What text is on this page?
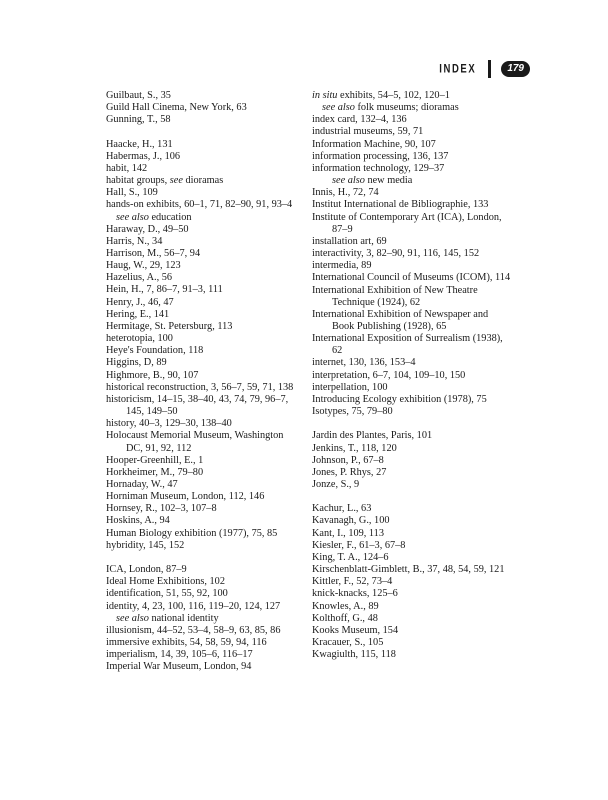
INDEX	179

Guilbaut, S., 35

Guild Hall Cinema, New York, 63

Gunning, T., 58

Haacke, H., 131

Habermas, J., 106

habit, 142

habitat groups, see dioramas

Hall, S., 109

hands-on exhibits, 60–1, 71, 82–90, 91, 93–4

see also education

Haraway, D., 49–50

Harris, N., 34

Harrison, M., 56–7, 94

Haug, W., 29, 123

Hazelius, A., 56

Hein, H., 7, 86–7, 91–3, 111

Henry, J., 46, 47

Hering, E., 141

Hermitage, St. Petersburg, 113

heterotopia, 100

Heye's Foundation, 118

Higgins, D, 89

Highmore, B., 90, 107

historical reconstruction, 3, 56–7, 59, 71, 138

historicism, 14–15, 38–40, 43, 74, 79, 96–7, 145, 149–50

history, 40–3, 129–30, 138–40

Holocaust Memorial Museum, Washington DC, 91, 92, 112

Hooper-Greenhill, E., 1

Horkheimer, M., 79–80

Hornaday, W., 47

Horniman Museum, London, 112, 146

Hornsey, R., 102–3, 107–8

Hoskins, A., 94

Human Biology exhibition (1977), 75, 85

hybridity, 145, 152

ICA, London, 87–9

Ideal Home Exhibitions, 102

identification, 51, 55, 92, 100

identity, 4, 23, 100, 116, 119–20, 124, 127

see also national identity

illusionism, 44–52, 53–4, 58–9, 63, 85, 86

immersive exhibits, 54, 58, 59, 94, 116

imperialism, 14, 39, 105–6, 116–17

Imperial War Museum, London, 94

in situ exhibits, 54–5, 102, 120–1

see also folk museums; dioramas

index card, 132–4, 136

industrial museums, 59, 71

Information Machine, 90, 107

information processing, 136, 137

information technology, 129–37

see also new media

Innis, H., 72, 74

Institut International de Bibliographie, 133

Institute of Contemporary Art (ICA), London, 87–9

installation art, 69

interactivity, 3, 82–90, 91, 116, 145, 152

intermedia, 89

International Council of Museums (ICOM), 114

International Exhibition of New Theatre Technique (1924), 62

International Exhibition of Newspaper and Book Publishing (1928), 65

International Exposition of Surrealism (1938), 62

internet, 130, 136, 153–4

interpretation, 6–7, 104, 109–10, 150

interpellation, 100

Introducing Ecology exhibition (1978), 75

Isotypes, 75, 79–80

Jardin des Plantes, Paris, 101

Jenkins, T., 118, 120

Johnson, P., 67–8

Jones, P. Rhys, 27

Jonze, S., 9

Kachur, L., 63

Kavanagh, G., 100

Kant, I., 109, 113

Kiesler, F., 61–3, 67–8

King, T. A., 124–6

Kirschenblatt-Gimblett, B., 37, 48, 54, 59, 121

Kittler, F., 52, 73–4

knick-knacks, 125–6

Knowles, A., 89

Kolthoff, G., 48

Kooks Museum, 154

Kracauer, S., 105

Kwagiulth, 115, 118
